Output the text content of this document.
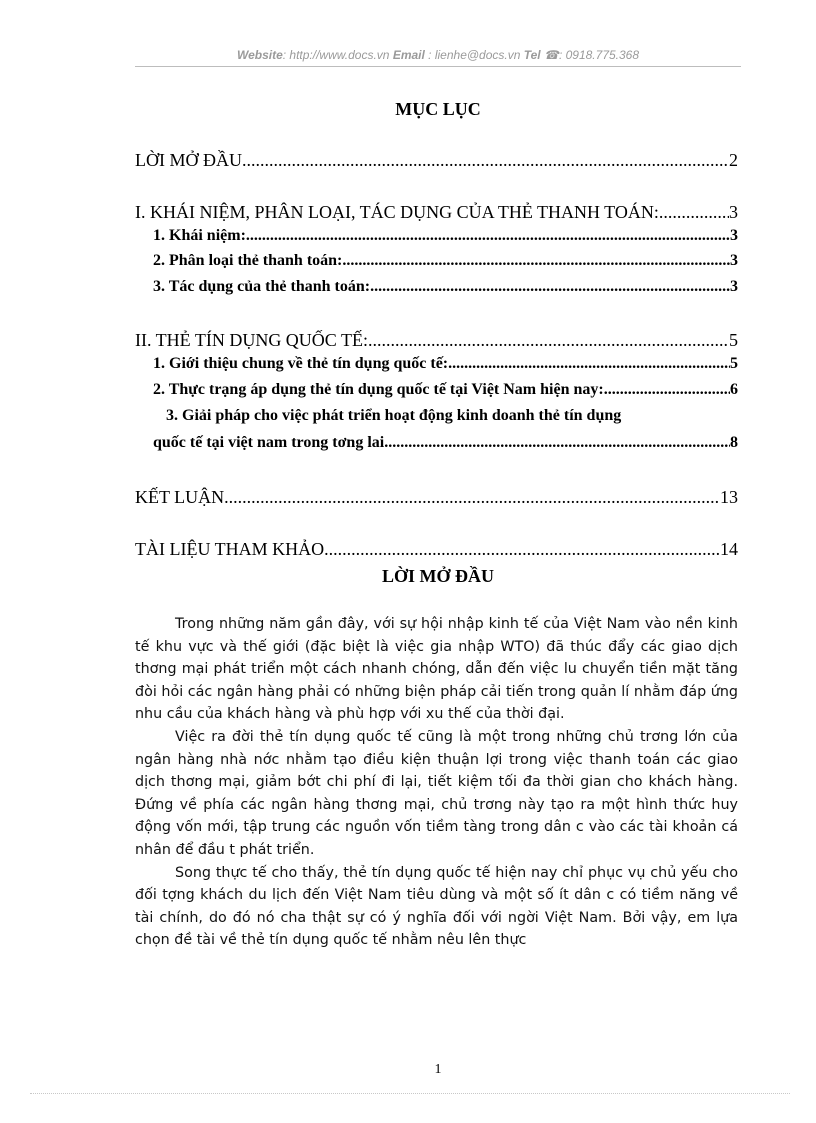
Website: http://www.docs.vn Email : lienhe@docs.vn Tel ☎: 0918.775.368
MỤC LỤC
LỜI MỞ ĐẦU .....	2
I. KHÁI NIỆM, PHÂN LOẠI, TÁC DỤNG CỦA THẺ THANH TOÁN: .....	3
1. Khái niệm: .....	3
2. Phân loại thẻ thanh toán: .....	3
3. Tác dụng của thẻ thanh toán: .....	3
II. THẺ TÍN DỤNG QUỐC TẾ: .....	5
1. Giới thiệu chung về thẻ tín dụng quốc tế: .....	5
2. Thực trạng áp dụng thẻ tín dụng quốc tế tại Việt Nam hiện nay: .....	6
3. Giải pháp cho việc phát triển hoạt động kinh doanh thẻ tín dụng
quốc tế tại việt nam trong tơng lai .....	8
KẾT LUẬN .....	13
TÀI LIỆU THAM KHẢO .....	14
LỜI MỞ ĐẦU

Trong những năm gần đây, với sự hội nhập kinh tế của Việt Nam vào nền kinh tế khu vực và thế giới (đặc biệt là việc gia nhập WTO) đã thúc đẩy các giao dịch thơng mại phát triển một cách nhanh chóng, dẫn đến việc lu chuyển tiền mặt tăng đòi hỏi các ngân hàng phải có những biện pháp cải tiến trong quản lí nhằm đáp ứng nhu cầu của khách hàng và phù hợp với xu thế của thời đại.

Việc ra đời thẻ tín dụng quốc tế cũng là một trong những chủ trơng lớn của ngân hàng nhà nớc nhằm tạo điều kiện thuận lợi trong việc thanh toán các giao dịch thơng mại, giảm bớt chi phí đi lại, tiết kiệm tối đa thời gian cho khách hàng. Đứng về phía các ngân hàng thơng mại, chủ trơng này tạo ra một hình thức huy động vốn mới, tập trung các nguồn vốn tiềm tàng trong dân c vào các tài khoản cá nhân để đầu t phát triển.

Song thực tế cho thấy, thẻ tín dụng quốc tế hiện nay chỉ phục vụ chủ yếu cho đối tợng khách du lịch đến Việt Nam tiêu dùng và một số ít dân c có tiềm năng về tài chính, do đó nó cha thật sự có ý nghĩa đối với ngời Việt Nam. Bởi vậy, em lựa chọn đề tài về thẻ tín dụng quốc tế nhằm nêu lên thực

1
